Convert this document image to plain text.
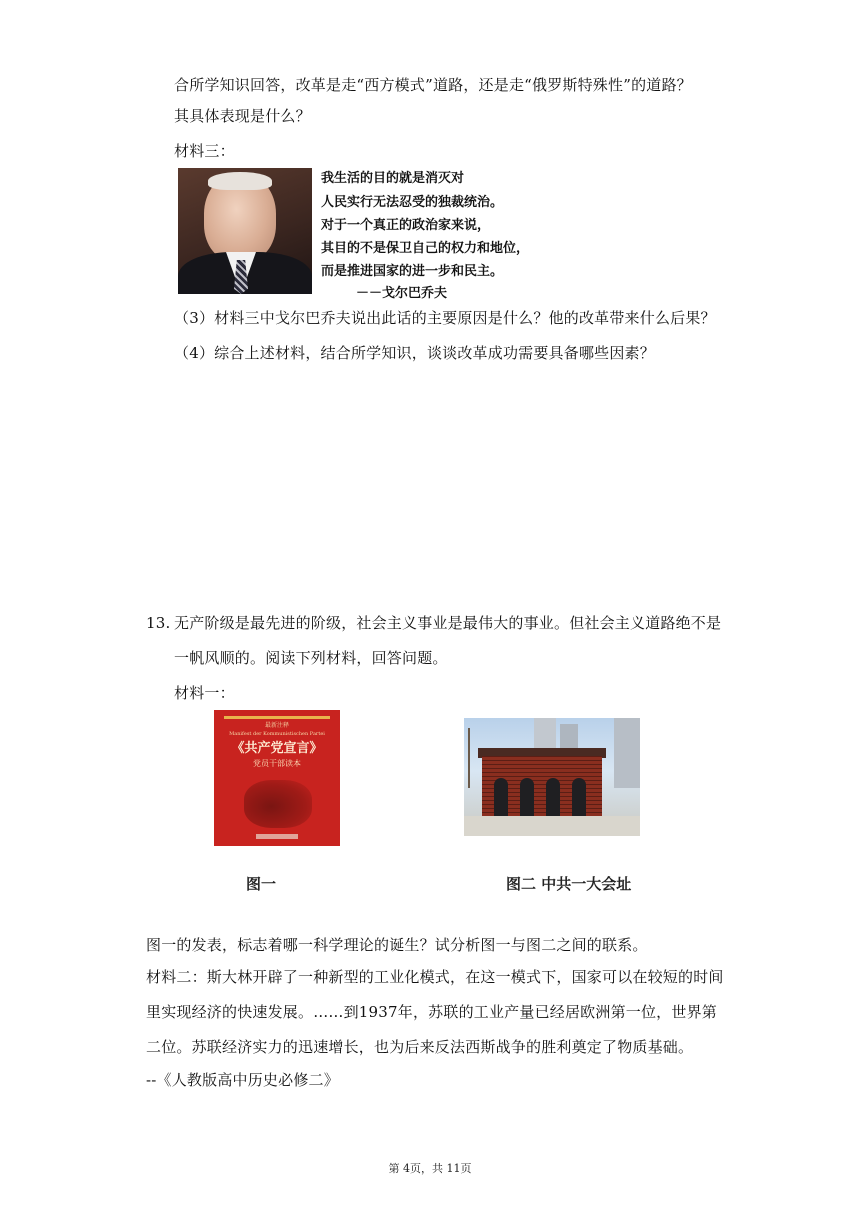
合所学知识回答，改革是走“西方模式”道路，还是走“俄罗斯特殊性”的道路？
其具体表现是什么？
材料三：
我生活的目的就是消灭对
人民实行无法忍受的独裁统治。
对于一个真正的政治家来说，
其目的不是保卫自己的权力和地位，
而是推进国家的进一步和民主。
－－戈尔巴乔夫
（3）材料三中戈尔巴乔夫说出此话的主要原因是什么？他的改革带来什么后果？
（4）综合上述材料，结合所学知识，谈谈改革成功需要具备哪些因素？
13. 无产阶级是最先进的阶级，社会主义事业是最伟大的事业。但社会主义道路绝不是
一帆风顺的。阅读下列材料，回答问题。
材料一：
最新注释
Manifest der Kommunistischen Partei
《共产党宣言》
党员干部读本
图一	图二 中共一大会址
图一的发表，标志着哪一科学理论的诞生？试分析图一与图二之间的联系。
材料二：斯大林开辟了一种新型的工业化模式，在这一模式下，国家可以在较短的时间
里实现经济的快速发展。……到1937年，苏联的工业产量已经居欧洲第一位，世界第
二位。苏联经济实力的迅速增长，也为后来反法西斯战争的胜利奠定了物质基础。
--《人教版高中历史必修二》
第 4页，共 11页
